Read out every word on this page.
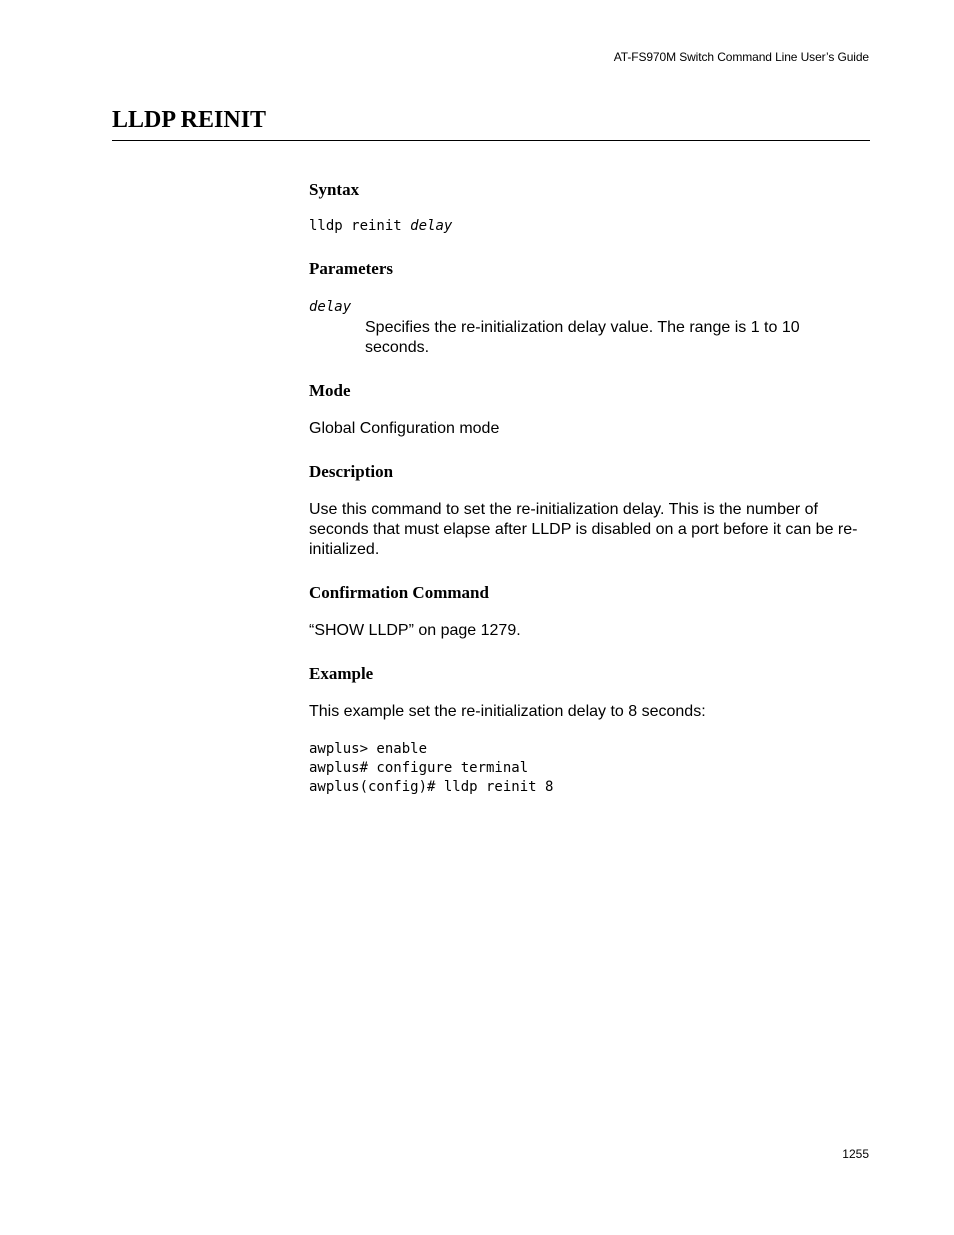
AT-FS970M Switch Command Line User’s Guide
LLDP REINIT
Syntax
lldp reinit delay
Parameters
delay
Specifies the re-initialization delay value. The range is 1 to 10 seconds.
Mode
Global Configuration mode
Description
Use this command to set the re-initialization delay. This is the number of seconds that must elapse after LLDP is disabled on a port before it can be re-initialized.
Confirmation Command
“SHOW LLDP” on page 1279.
Example
This example set the re-initialization delay to 8 seconds:
awplus> enable
awplus# configure terminal
awplus(config)# lldp reinit 8
1255
